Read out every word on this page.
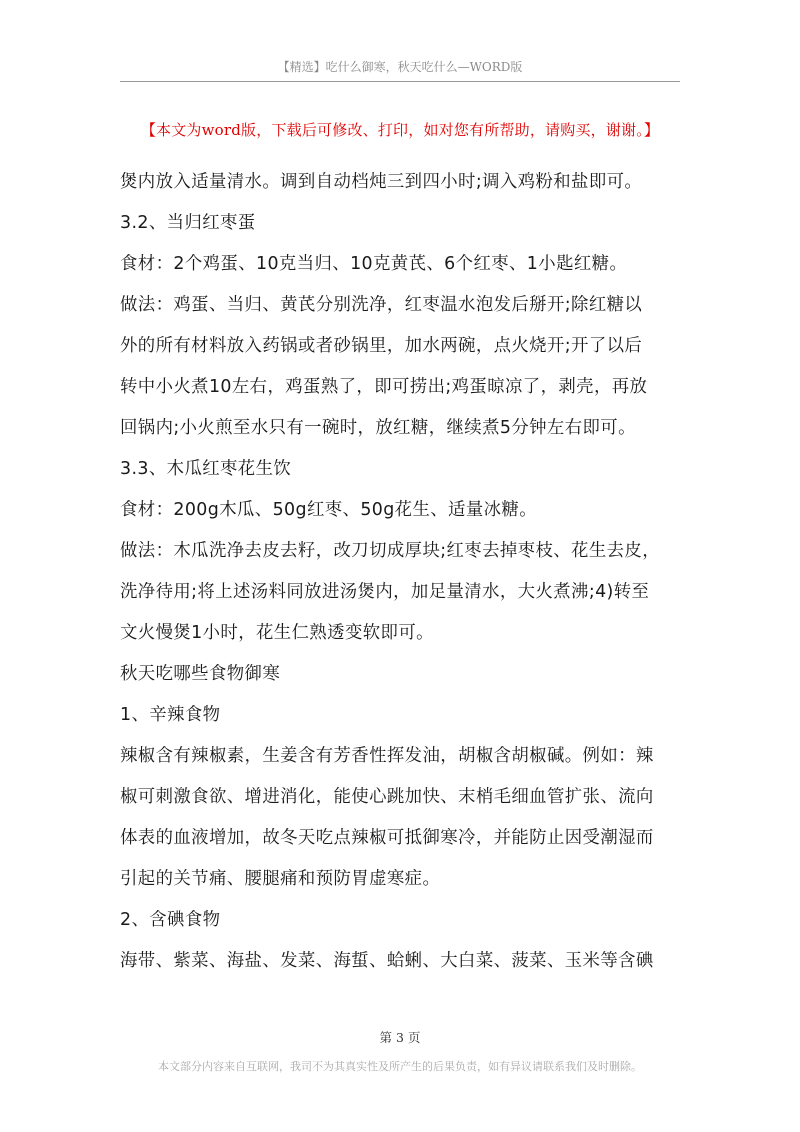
【精选】吃什么御寒，秋天吃什么—WORD版
【本文为word版，下载后可修改、打印，如对您有所帮助，请购买，谢谢。】

煲内放入适量清水。调到自动档炖三到四小时;调入鸡粉和盐即可。

3.2、当归红枣蛋

食材：2个鸡蛋、10克当归、10克黄芪、6个红枣、1小匙红糖。

做法：鸡蛋、当归、黄芪分别洗净，红枣温水泡发后掰开;除红糖以

外的所有材料放入药锅或者砂锅里，加水两碗，点火烧开;开了以后

转中小火煮10左右，鸡蛋熟了，即可捞出;鸡蛋晾凉了，剥壳，再放

回锅内;小火煎至水只有一碗时，放红糖，继续煮5分钟左右即可。

3.3、木瓜红枣花生饮

食材：200g木瓜、50g红枣、50g花生、适量冰糖。

做法：木瓜洗净去皮去籽，改刀切成厚块;红枣去掉枣枝、花生去皮，

洗净待用;将上述汤料同放进汤煲内，加足量清水，大火煮沸;4)转至

文火慢煲1小时，花生仁熟透变软即可。

秋天吃哪些食物御寒

1、辛辣食物

辣椒含有辣椒素，生姜含有芳香性挥发油，胡椒含胡椒碱。例如：辣

椒可刺激食欲、增进消化，能使心跳加快、末梢毛细血管扩张、流向

体表的血液增加，故冬天吃点辣椒可抵御寒冷，并能防止因受潮湿而

引起的关节痛、腰腿痛和预防胃虚寒症。

2、含碘食物

海带、紫菜、海盐、发菜、海蜇、蛤蜊、大白菜、菠菜、玉米等含碘

第 3 页
本文部分内容来自互联网，我司不为其真实性及所产生的后果负责，如有异议请联系我们及时删除。
